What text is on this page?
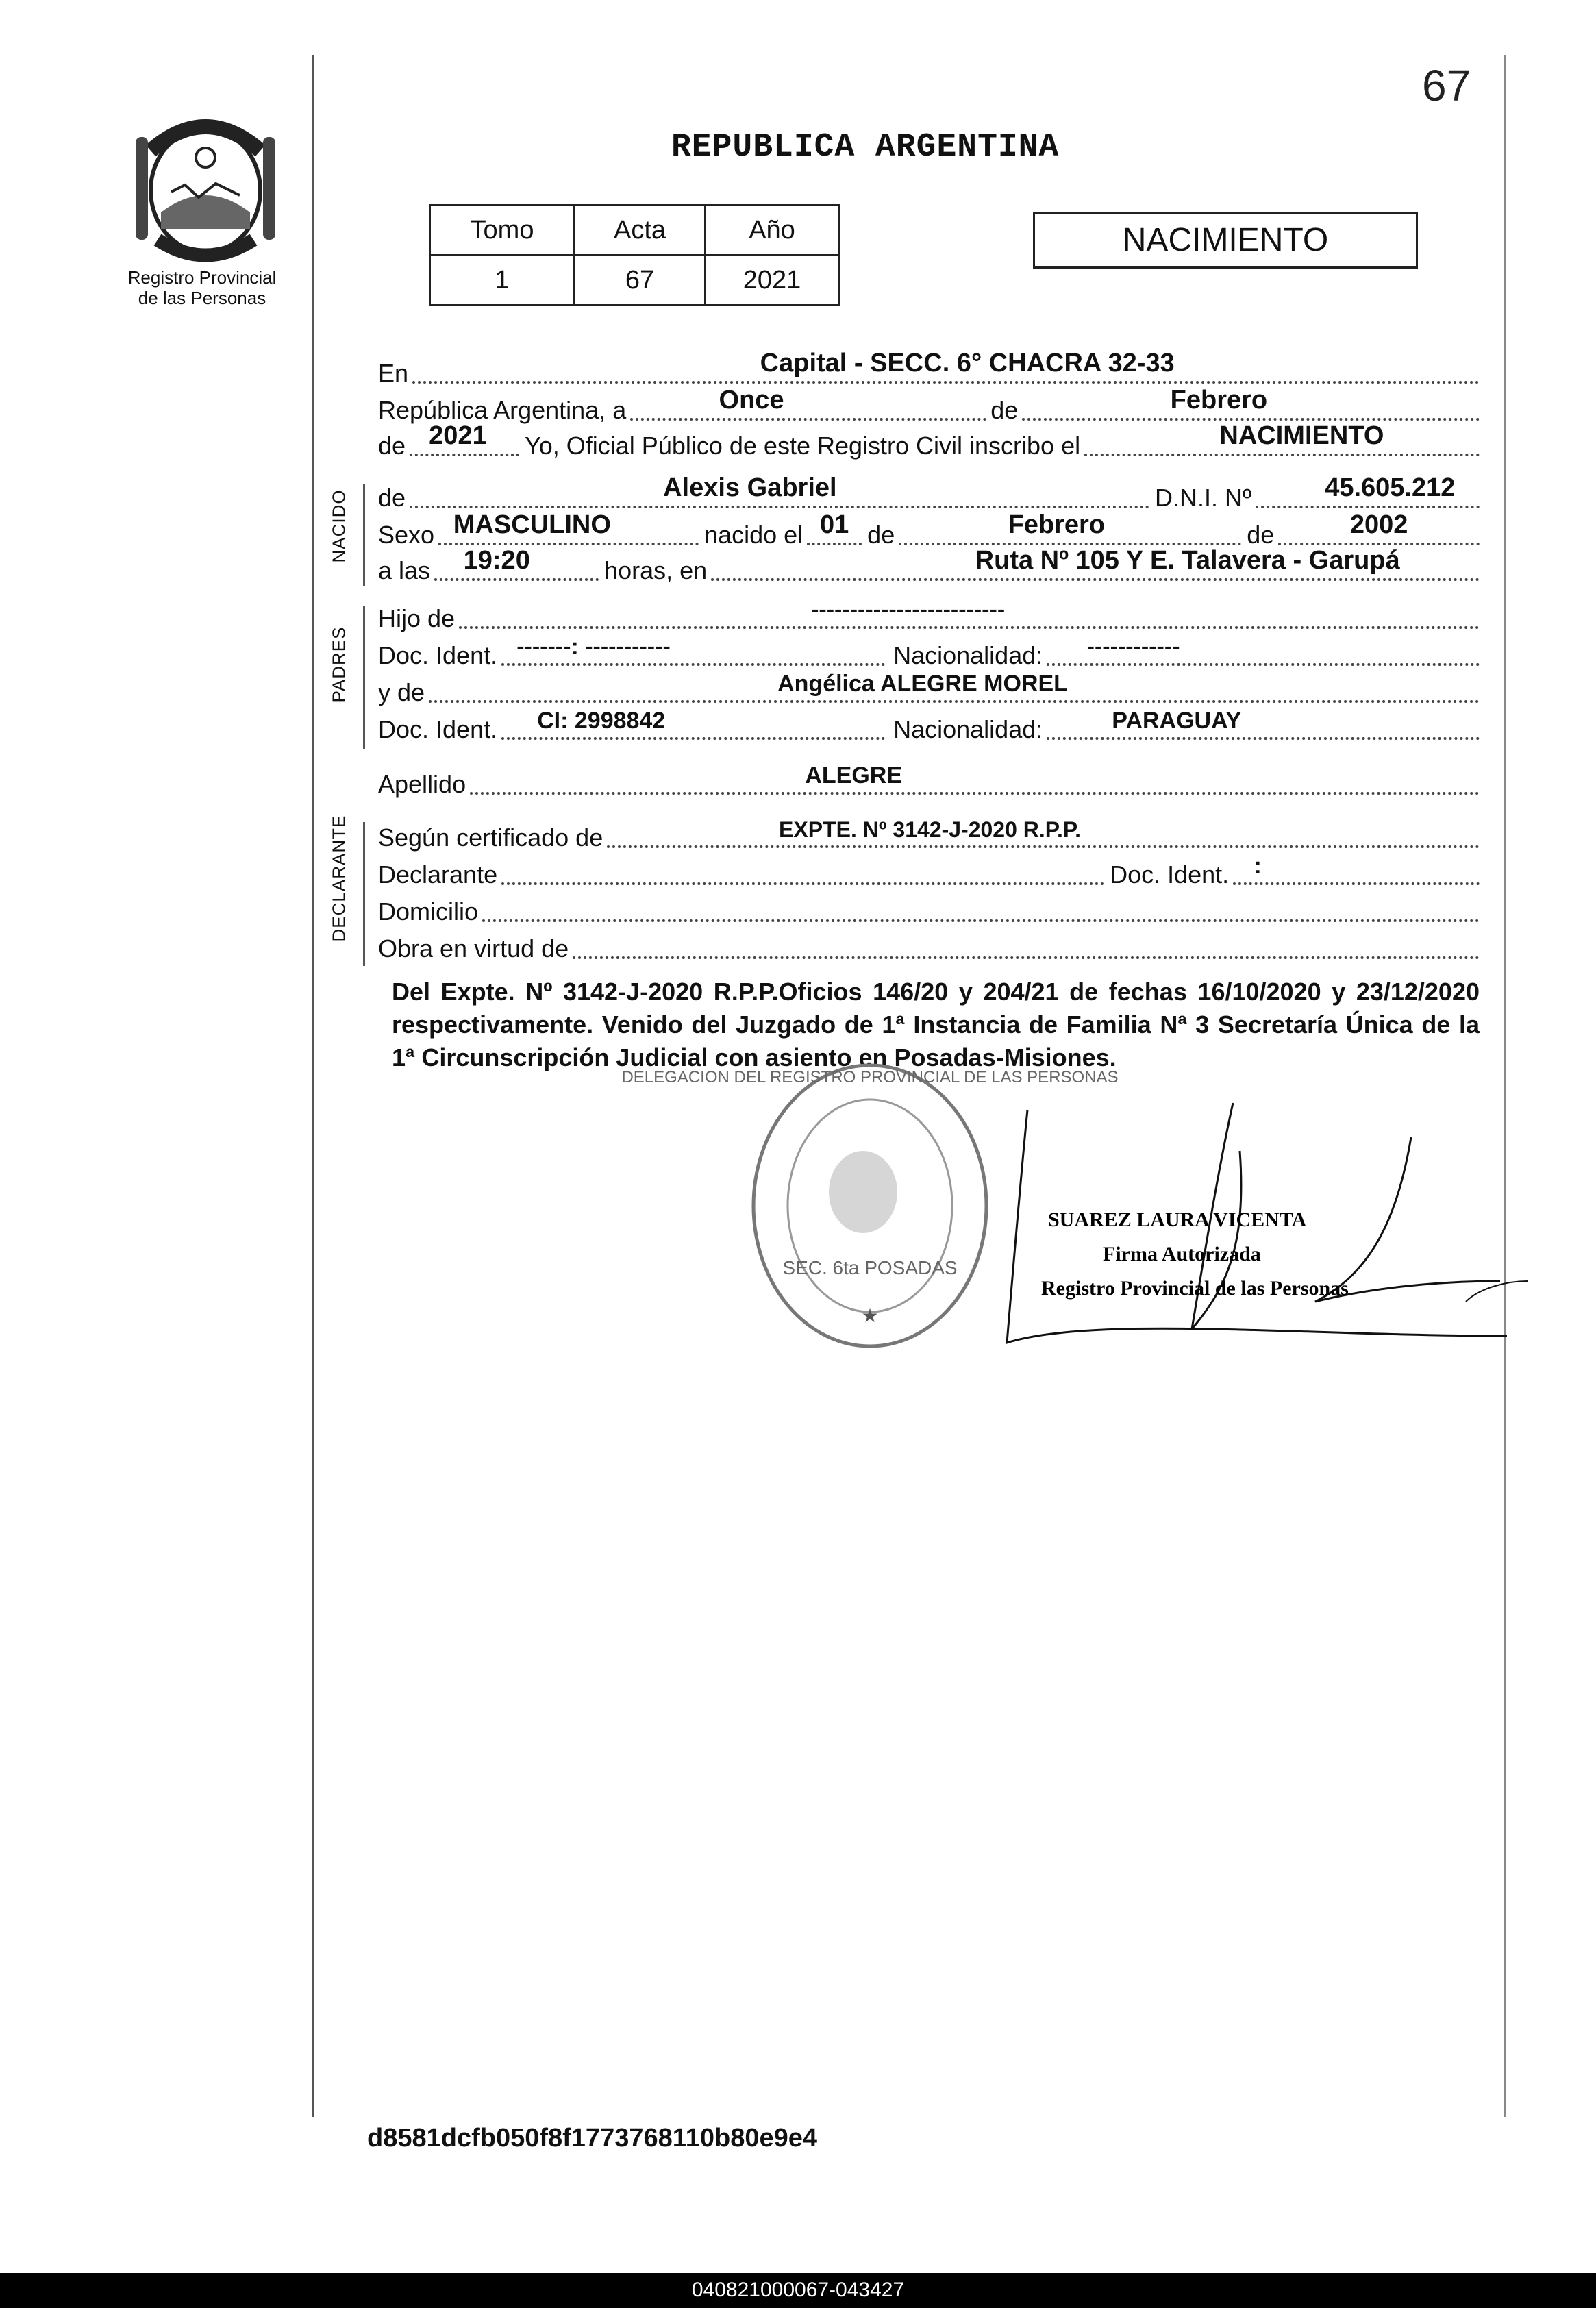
67
Registro Provincial
de las Personas
REPUBLICA ARGENTINA
Tomo	Acta	Año
1	67	2021
NACIMIENTO
En	Capital - SECC. 6° CHACRA 32-33
República Argentina, a	Once	de	Febrero
de 2021 Yo, Oficial Público de este Registro Civil inscribo el	NACIMIENTO
NACIDO de	Alexis Gabriel	D.N.I. Nº	45.605.212
Sexo MASCULINO	nacido el 01 de	Febrero	de	2002
a las 19:20	horas, en	Ruta Nº 105 Y E. Talavera - Garupá
PADRES
Hijo de	-------------------------
Doc. Ident. -------: -----------	Nacionalidad: ------------
y de	Angélica ALEGRE MOREL
Doc. Ident. CI: 2998842	Nacionalidad:	PARAGUAY
Apellido	ALEGRE
DECLARANTE Según certificado de	EXPTE. Nº 3142-J-2020 R.P.P.
Declarante	Doc. Ident. :
Domicilio
Obra en virtud de
Del Expte. Nº 3142-J-2020 R.P.P.Oficios 146/20 y 204/21 de fechas 16/10/2020 y 23/12/2020 respectivamente. Venido del Juzgado de 1ª Instancia de Familia Nª 3 Secretaría Única de la 1ª Circunscripción Judicial con asiento en Posadas-Misiones.
DELEGACION DEL REGISTRO PROVINCIAL DE LAS PERSONAS
SEC. 6ta POSADAS
★
SUAREZ LAURA VICENTA
Firma Autorizada
Registro Provincial de las Personas
d8581dcfb050f8f1773768110b80e9e4
040821000067-043427
